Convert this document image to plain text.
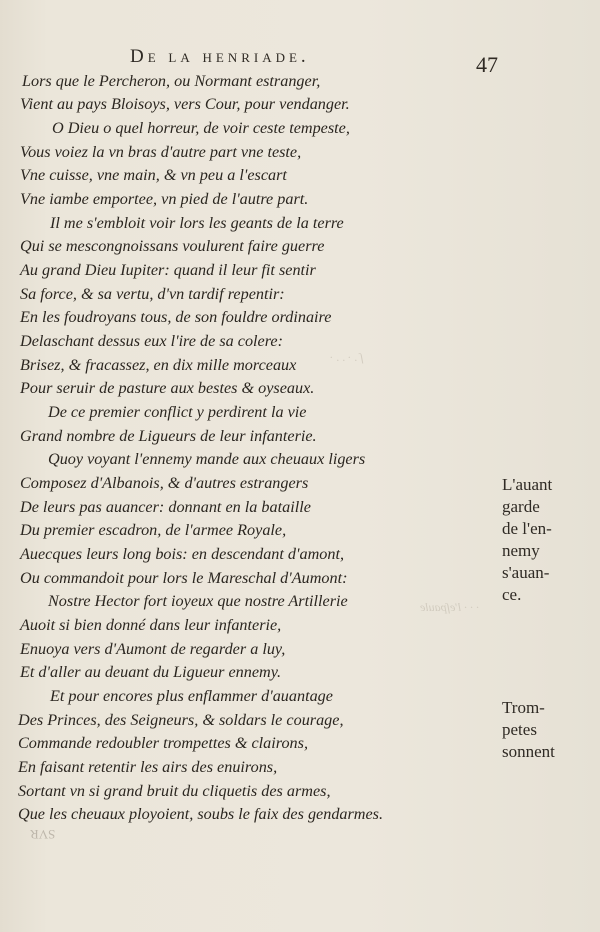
De la henriade.	47
ſ . · . . ·
· · · l'eſpaule
Lors que le Percheron, ou Normant estranger,
Vient au pays Bloisoys, vers Cour, pour vendanger.
O Dieu o quel horreur, de voir ceste tempeste,
Vous voiez la vn bras d'autre part vne teste,
Vne cuisse, vne main, & vn peu a l'escart
Vne iambe emportee, vn pied de l'autre part.
Il me s'embloit voir lors les geants de la terre
Qui se mescongnoissans voulurent faire guerre
Au grand Dieu Iupiter: quand il leur fit sentir
Sa force, & sa vertu, d'vn tardif repentir:
En les foudroyans tous, de son fouldre ordinaire
Delaschant dessus eux l'ire de sa colere:
Brisez, & fracassez, en dix mille morceaux
Pour seruir de pasture aux bestes & oyseaux.
De ce premier conflict y perdirent la vie
Grand nombre de Ligueurs de leur infanterie.
Quoy voyant l'ennemy mande aux cheuaux ligers
Composez d'Albanois, & d'autres estrangers
De leurs pas auancer: donnant en la bataille
Du premier escadron, de l'armee Royale,
Auecques leurs long bois: en descendant d'amont,
Ou commandoit pour lors le Mareschal d'Aumont:
Nostre Hector fort ioyeux que nostre Artillerie
Auoit si bien donné dans leur infanterie,
Enuoya vers d'Aumont de regarder a luy,
Et d'aller au deuant du Ligueur ennemy.
Et pour encores plus enflammer d'auantage
Des Princes, des Seigneurs, & soldars le courage,
Commande redoubler trompettes & clairons,
En faisant retentir les airs des enuirons,
Sortant vn si grand bruit du cliquetis des armes,
Que les cheuaux ployoient, soubs le faix des gendarmes.
L'auant
garde
de l'en-
nemy
s'auan-
ce.
Trom-
petes
sonnent
SVR
